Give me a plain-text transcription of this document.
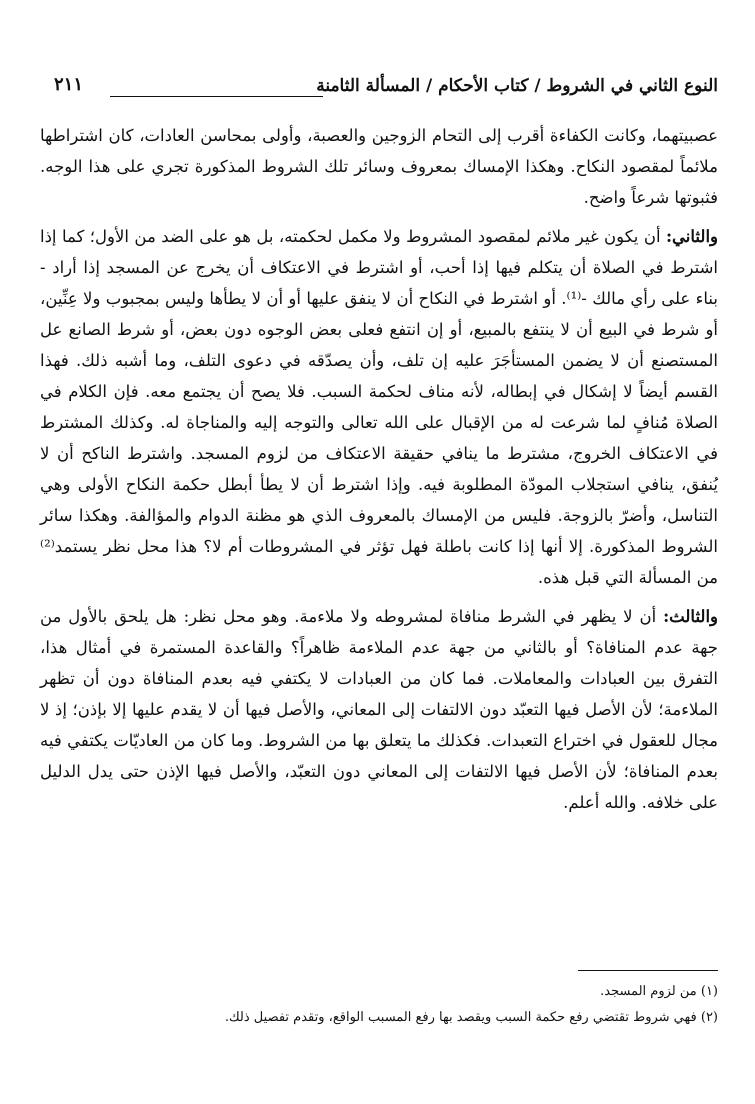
النوع الثاني في الشروط / كتاب الأحكام / المسألة الثامنة
٢١١

عصبيتهما، وكانت الكفاءة أقرب إلى التحام الزوجين والعصبة، وأولى بمحاسن العادات، كان اشتراطها ملائماً لمقصود النكاح. وهكذا الإمساك بمعروف وسائر تلك الشروط المذكورة تجري على هذا الوجه. فثبوتها شرعاً واضح.

والثاني: أن يكون غير ملائم لمقصود المشروط ولا مكمل لحكمته، بل هو على الضد من الأول؛ كما إذا اشترط في الصلاة أن يتكلم فيها إذا أحب، أو اشترط في الاعتكاف أن يخرج عن المسجد إذا أراد - بناء على رأي مالك -⁽¹⁾. أو اشترط في النكاح أن لا ينفق عليها أو أن لا يطأها وليس بمجبوب ولا عِنِّين، أو شرط في البيع أن لا ينتفع بالمبيع، أو إن انتفع فعلى بعض الوجوه دون بعض، أو شرط الصانع عل المستصنع أن لا يضمن المستأجَرَ عليه إن تلف، وأن يصدّقه في دعوى التلف، وما أشبه ذلك. فهذا القسم أيضاً لا إشكال في إبطاله، لأنه مناف لحكمة السبب. فلا يصح أن يجتمع معه. فإن الكلام في الصلاة مُنافٍ لما شرعت له من الإقبال على الله تعالى والتوجه إليه والمناجاة له. وكذلك المشترط في الاعتكاف الخروج، مشترط ما ينافي حقيقة الاعتكاف من لزوم المسجد. واشترط الناكح أن لا يُنفق، ينافي استجلاب المودّة المطلوبة فيه. وإذا اشترط أن لا يطأ أبطل حكمة النكاح الأولى وهي التناسل، وأضرّ بالزوجة. فليس من الإمساك بالمعروف الذي هو مظنة الدوام والمؤالفة. وهكذا سائر الشروط المذكورة. إلا أنها إذا كانت باطلة فهل تؤثر في المشروطات أم لا؟ هذا محل نظر يستمد⁽²⁾ من المسألة التي قبل هذه.

والثالث: أن لا يظهر في الشرط منافاة لمشروطه ولا ملاءمة. وهو محل نظر: هل يلحق بالأول من جهة عدم المنافاة؟ أو بالثاني من جهة عدم الملاءمة ظاهراً؟ والقاعدة المستمرة في أمثال هذا، التفرق بين العبادات والمعاملات. فما كان من العبادات لا يكتفي فيه بعدم المنافاة دون أن تظهر الملاءمة؛ لأن الأصل فيها التعبّد دون الالتفات إلى المعاني، والأصل فيها أن لا يقدم عليها إلا بإذن؛ إذ لا مجال للعقول في اختراع التعبدات. فكذلك ما يتعلق بها من الشروط. وما كان من العاديّات يكتفي فيه بعدم المنافاة؛ لأن الأصل فيها الالتفات إلى المعاني دون التعبّد، والأصل فيها الإذن حتى يدل الدليل على خلافه. والله أعلم.

(١) من لزوم المسجد.

(٢) فهي شروط تقتضي رفع حكمة السبب ويقصد بها رفع المسبب الواقع، وتقدم تفصيل ذلك.
